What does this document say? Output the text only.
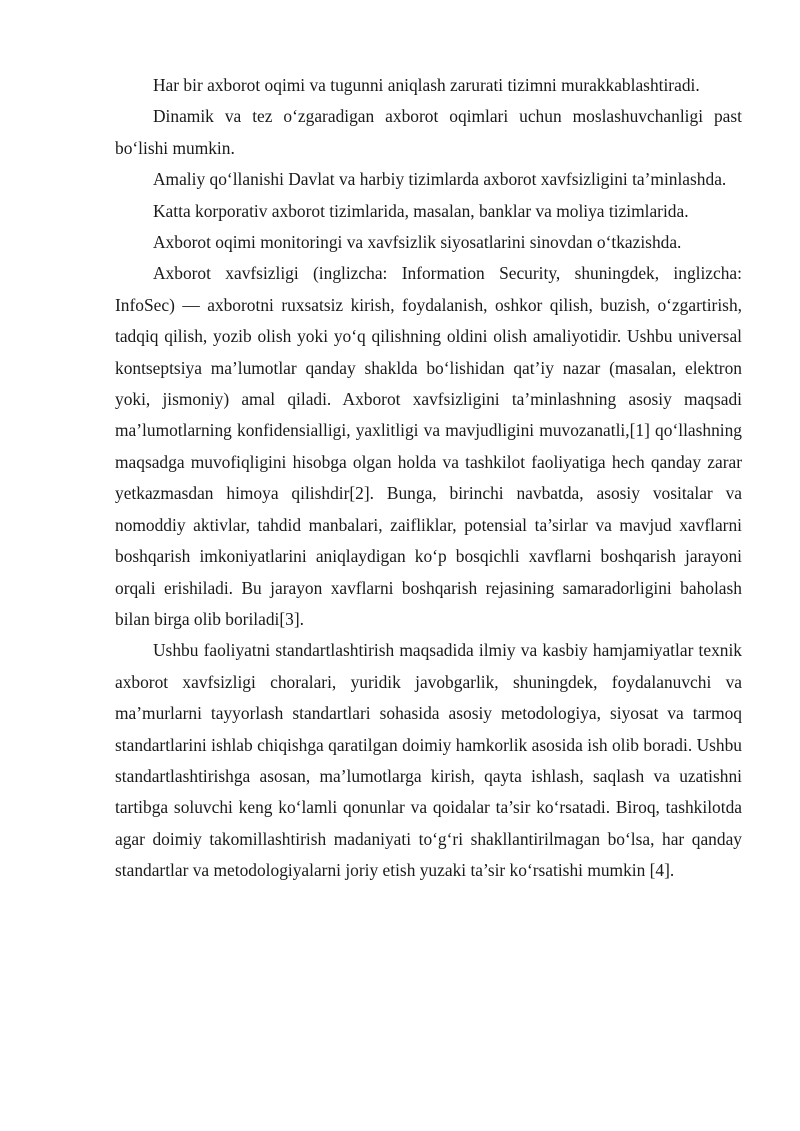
Har bir axborot oqimi va tugunni aniqlash zarurati tizimni murakkablashtiradi.

Dinamik va tez o‘zgaradigan axborot oqimlari uchun moslashuvchanligi past bo‘lishi mumkin.

Amaliy qo‘llanishi Davlat va harbiy tizimlarda axborot xavfsizligini ta’minlashda.

Katta korporativ axborot tizimlarida, masalan, banklar va moliya tizimlarida.

Axborot oqimi monitoringi va xavfsizlik siyosatlarini sinovdan o‘tkazishda.

Axborot xavfsizligi (inglizcha: Information Security, shuningdek, inglizcha: InfoSec) — axborotni ruxsatsiz kirish, foydalanish, oshkor qilish, buzish, o‘zgartirish, tadqiq qilish, yozib olish yoki yo‘q qilishning oldini olish amaliyotidir. Ushbu universal kontseptsiya ma’lumotlar qanday shaklda bo‘lishidan qat’iy nazar (masalan, elektron yoki, jismoniy) amal qiladi. Axborot xavfsizligini ta’minlashning asosiy maqsadi ma’lumotlarning konfidensialligi, yaxlitligi va mavjudligini muvozanatli,[1] qo‘llashning maqsadga muvofiqligini hisobga olgan holda va tashkilot faoliyatiga hech qanday zarar yetkazmasdan himoya qilishdir[2]. Bunga, birinchi navbatda, asosiy vositalar va nomoddiy aktivlar, tahdid manbalari, zaifliklar, potensial ta’sirlar va mavjud xavflarni boshqarish imkoniyatlarini aniqlaydigan ko‘p bosqichli xavflarni boshqarish jarayoni orqali erishiladi. Bu jarayon xavflarni boshqarish rejasining samaradorligini baholash bilan birga olib boriladi[3].

Ushbu faoliyatni standartlashtirish maqsadida ilmiy va kasbiy hamjamiyatlar texnik axborot xavfsizligi choralari, yuridik javobgarlik, shuningdek, foydalanuvchi va ma’murlarni tayyorlash standartlari sohasida asosiy metodologiya, siyosat va tarmoq standartlarini ishlab chiqishga qaratilgan doimiy hamkorlik asosida ish olib boradi. Ushbu standartlashtirishga asosan, ma’lumotlarga kirish, qayta ishlash, saqlash va uzatishni tartibga soluvchi keng ko‘lamli qonunlar va qoidalar ta’sir ko‘rsatadi. Biroq, tashkilotda agar doimiy takomillashtirish madaniyati to‘g‘ri shakllantirilmagan bo‘lsa, har qanday standartlar va metodologiyalarni joriy etish yuzaki ta’sir ko‘rsatishi mumkin [4].
